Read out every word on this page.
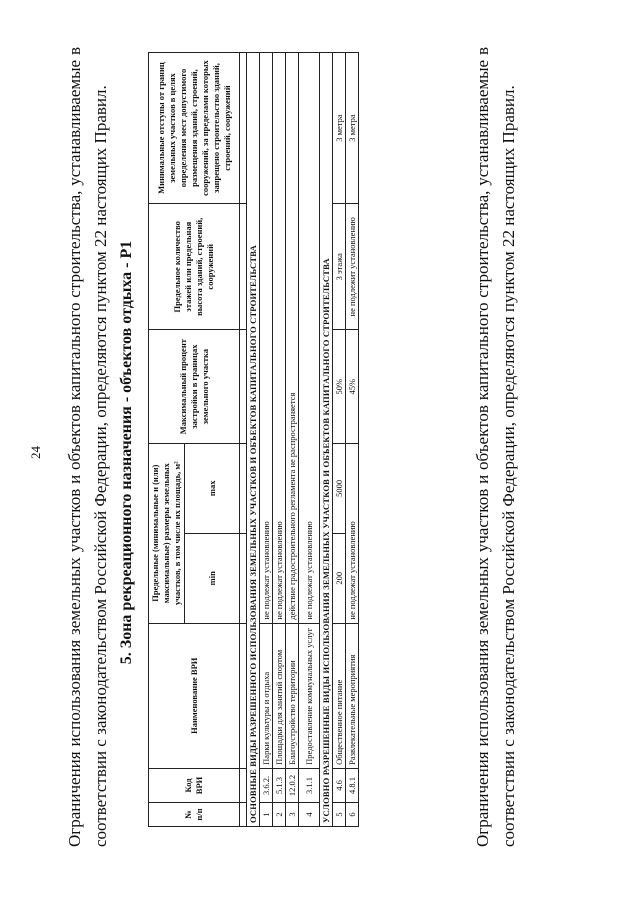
24 Ограничения использования земельных участков и объектов капитального строительства, устанавливаемые в соответствии с законодательством Российской Федерации, определяются пунктом 22 настоящих Правил. 5. Зона рекреационного назначения - объектов отдыха - Р1
№ п/п	Код ВРИ	Наименование ВРИ	Предельные (минимальные и (или) максимальные) размеры земельных участков, в том числе их площадь, м²		Максимальный процент застройки в границах земельного участка	Предельное количество этажей или предельная высота зданий, строений, сооружений	Минимальные отступы от границ земельных участков в целях определения мест допустимого размещения зданий, строений, сооружений, за пределами которых запрещено строительство зданий, строений, сооружений
			min	max			

ОСНОВНЫЕ ВИДЫ РАЗРЕШЕННОГО ИСПОЛЬЗОВАНИЯ ЗЕМЕЛЬНЫХ УЧАСТКОВ И ОБЪЕКТОВ КАПИТАЛЬНОГО СТРОИТЕЛЬСТВА							
1	3.6.2.	Парки культуры и отдыха	не подлежат установлению				
2	5.1.3	Площадки для занятий спортом	не подлежат установлению				
3	12.0.2	Благоустройство территории	действие градостроительного регламента не распространяется				
4	3.1.1	Предоставление коммунальных услуг	не подлежат установлению				
УСЛОВНО РАЗРЕШЕННЫЕ ВИДЫ ИСПОЛЬЗОВАНИЯ ЗЕМЕЛЬНЫХ УЧАСТКОВ И ОБЪЕКТОВ КАПИТАЛЬНОГО СТРОИТЕЛЬСТВА							
5	4.6	Общественное питание	200	5000	50%	3 этажа	3 метра
6	4.8.1	Развлекательные мероприятия	не подлежат установлению		45%	не подлежит установлению	3 метра	Ограничения использования земельных участков и объектов капитального строительства, устанавливаемые в соответствии с законодательством Российской Федерации, определяются пунктом 22 настоящих Правил.
